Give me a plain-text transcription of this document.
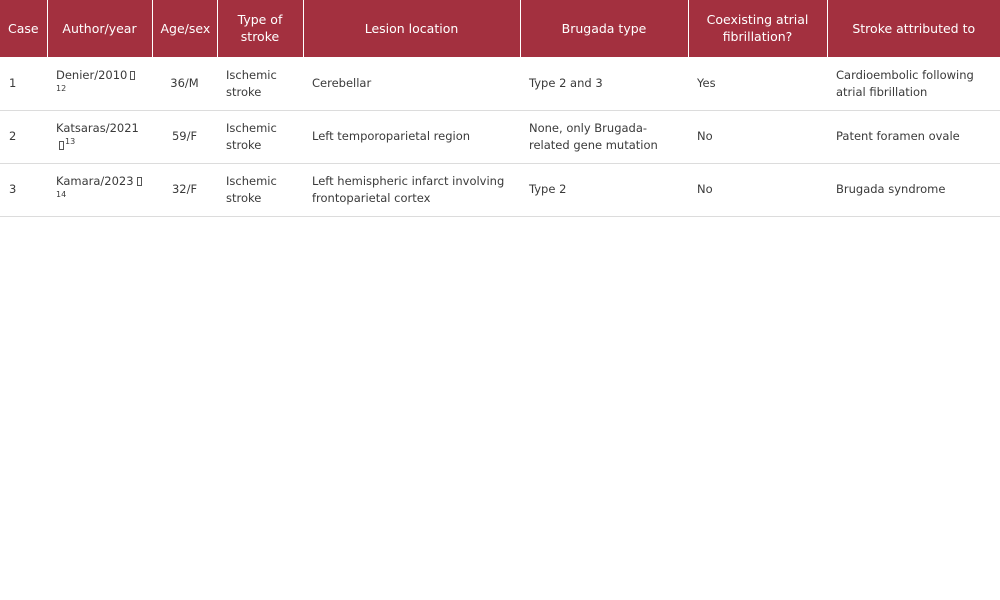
Case	Author/year	Age/sex	Type of stroke	Lesion location	Brugada type	Coexisting atrial fibrillation?	Stroke attributed to
1	Denier/2010$^{12}$	36/M	Ischemic stroke	Cerebellar	Type 2 and 3	Yes	Cardioembolic following atrial fibrillation
2	Katsaras/2021$^{13}$	59/F	Ischemic stroke	Left temporoparietal region	None, only Brugada-related gene mutation	No	Patent foramen ovale
3	Kamara/2023$^{14}$	32/F	Ischemic stroke	Left hemispheric infarct involving frontoparietal cortex	Type 2	No	Brugada syndrome
